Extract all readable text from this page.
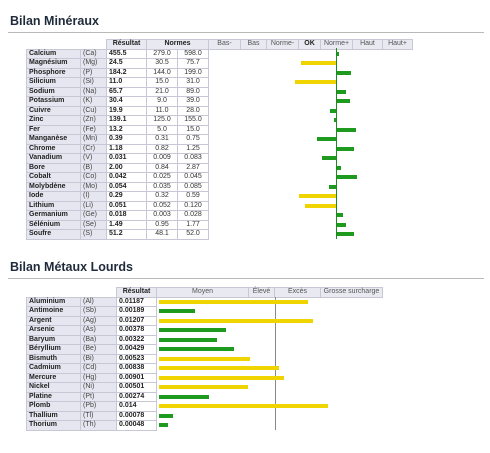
Bilan Minéraux
		Résultat	Normes		Bas-	Bas	Norme-	OK	Norme+	Haut	Haut+
Calcium	(Ca)	455.5	279.0	598.0							
Magnésium	(Mg)	24.5	30.5	75.7							
Phosphore	(P)	184.2	144.0	199.0							
Silicium	(Si)	11.0	15.0	31.0							
Sodium	(Na)	65.7	21.0	89.0							
Potassium	(K)	30.4	9.0	39.0							
Cuivre	(Cu)	19.9	11.0	28.0							
Zinc	(Zn)	139.1	125.0	155.0							
Fer	(Fe)	13.2	5.0	15.0							
Manganèse	(Mn)	0.39	0.31	0.75							
Chrome	(Cr)	1.18	0.82	1.25							
Vanadium	(V)	0.031	0.009	0.083							
Bore	(B)	2.00	0.84	2.87							
Cobalt	(Co)	0.042	0.025	0.045							
Molybdène	(Mo)	0.054	0.035	0.085							
Iode	(I)	0.29	0.32	0.59							
Lithium	(Li)	0.051	0.052	0.120							
Germanium	(Ge)	0.018	0.003	0.028							
Sélénium	(Se)	1.49	0.95	1.77							
Soufre	(S)	51.2	48.1	52.0							
Bilan Métaux Lourds
		Résultat	Moyen	Élevé	Excès	Grosse surcharge
Aluminium	(Al)	0.01187				
Antimoine	(Sb)	0.00189				
Argent	(Ag)	0.01207				
Arsenic	(As)	0.00378				
Baryum	(Ba)	0.00322				
Béryllium	(Be)	0.00429				
Bismuth	(Bi)	0.00523				
Cadmium	(Cd)	0.00838				
Mercure	(Hg)	0.00901				
Nickel	(Ni)	0.00501				
Platine	(Pt)	0.00274				
Plomb	(Pb)	0.014				
Thallium	(Tl)	0.00078				
Thorium	(Th)	0.00048				
